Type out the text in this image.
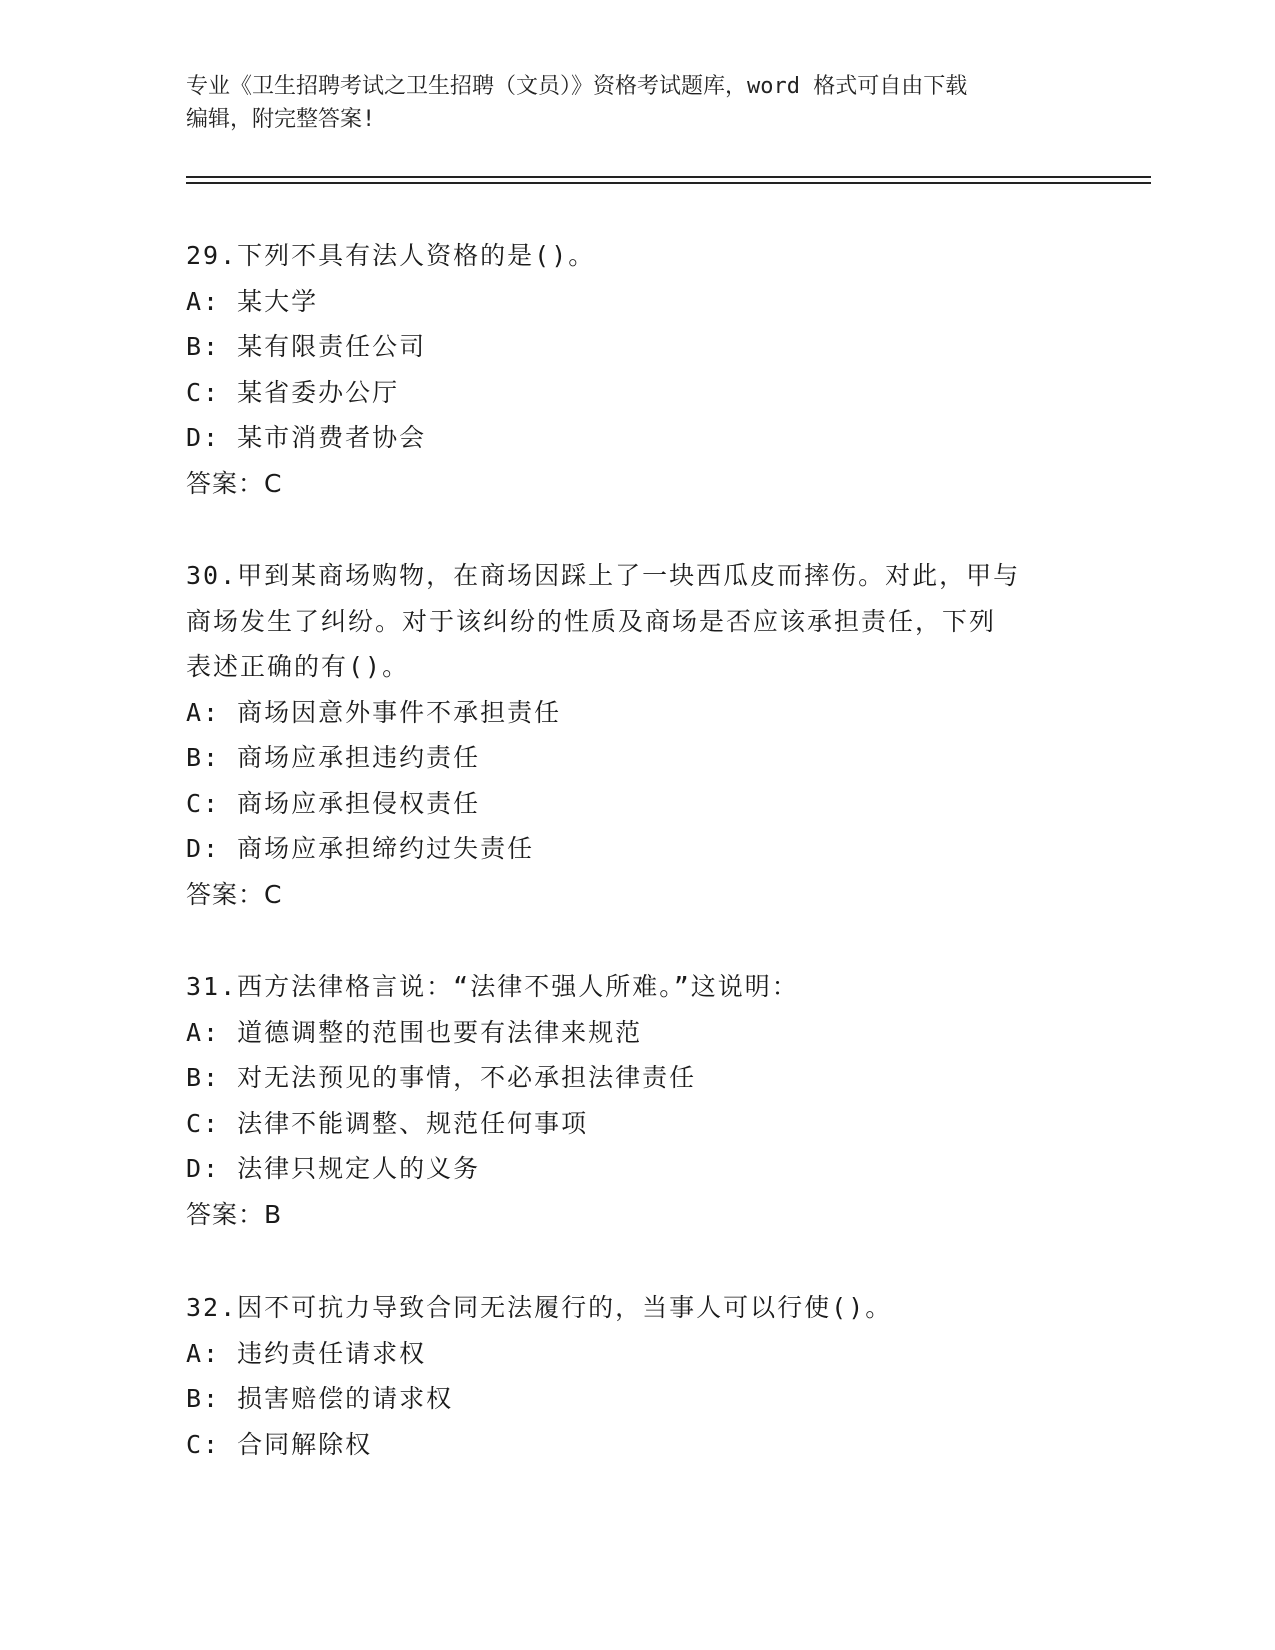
专业《卫生招聘考试之卫生招聘（文员）》资格考试题库，word 格式可自由下载
编辑，附完整答案!
29.下列不具有法人资格的是()。
A: 某大学
B: 某有限责任公司
C: 某省委办公厅
D: 某市消费者协会
答案：C
30.甲到某商场购物，在商场因踩上了一块西瓜皮而摔伤。对此，甲与
商场发生了纠纷。对于该纠纷的性质及商场是否应该承担责任，下列
表述正确的有()。
A: 商场因意外事件不承担责任
B: 商场应承担违约责任
C: 商场应承担侵权责任
D: 商场应承担缔约过失责任
答案：C
31.西方法律格言说：“法律不强人所难。”这说明：
A: 道德调整的范围也要有法律来规范
B: 对无法预见的事情，不必承担法律责任
C: 法律不能调整、规范任何事项
D: 法律只规定人的义务
答案：B
32.因不可抗力导致合同无法履行的，当事人可以行使()。
A: 违约责任请求权
B: 损害赔偿的请求权
C: 合同解除权
